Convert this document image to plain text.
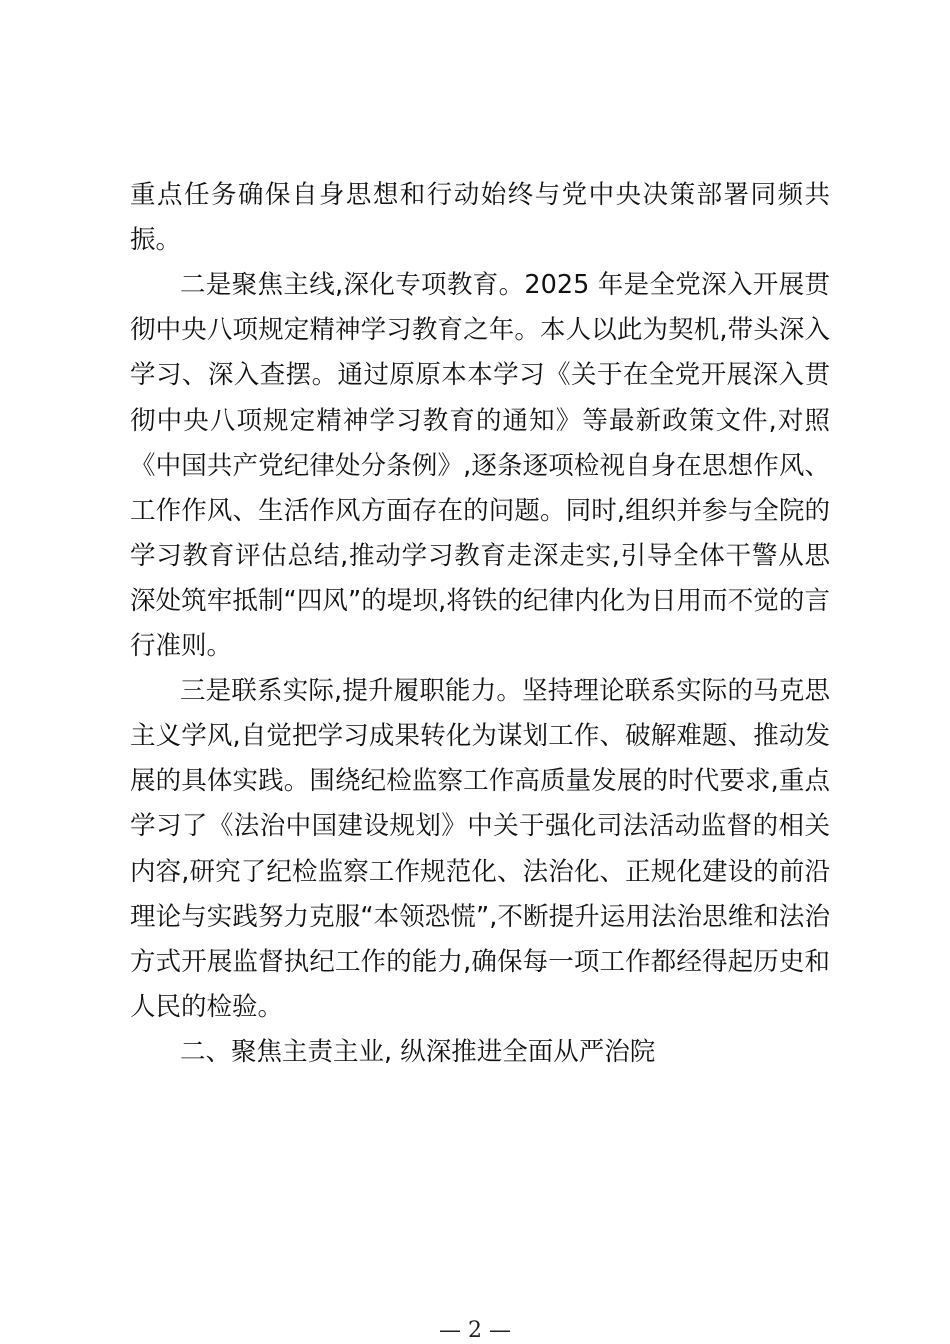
重点任务确保自身思想和行动始终与党中央决策部署同频共
振。
二是聚焦主线,深化专项教育。2025 年是全党深入开展贯
彻中央八项规定精神学习教育之年。本人以此为契机,带头深入
学习、深入查摆。通过原原本本学习《关于在全党开展深入贯
彻中央八项规定精神学习教育的通知》等最新政策文件,对照
《中国共产党纪律处分条例》,逐条逐项检视自身在思想作风、
工作作风、生活作风方面存在的问题。同时,组织并参与全院的
学习教育评估总结,推动学习教育走深走实,引导全体干警从思
深处筑牢抵制“四风”的堤坝,将铁的纪律内化为日用而不觉的言
行准则。
三是联系实际,提升履职能力。坚持理论联系实际的马克思
主义学风,自觉把学习成果转化为谋划工作、破解难题、推动发
展的具体实践。围绕纪检监察工作高质量发展的时代要求,重点
学习了《法治中国建设规划》中关于强化司法活动监督的相关
内容,研究了纪检监察工作规范化、法治化、正规化建设的前沿
理论与实践努力克服“本领恐慌”,不断提升运用法治思维和法治
方式开展监督执纪工作的能力,确保每一项工作都经得起历史和
人民的检验。
二、聚焦主责主业, 纵深推进全面从严治院
— 2 —
